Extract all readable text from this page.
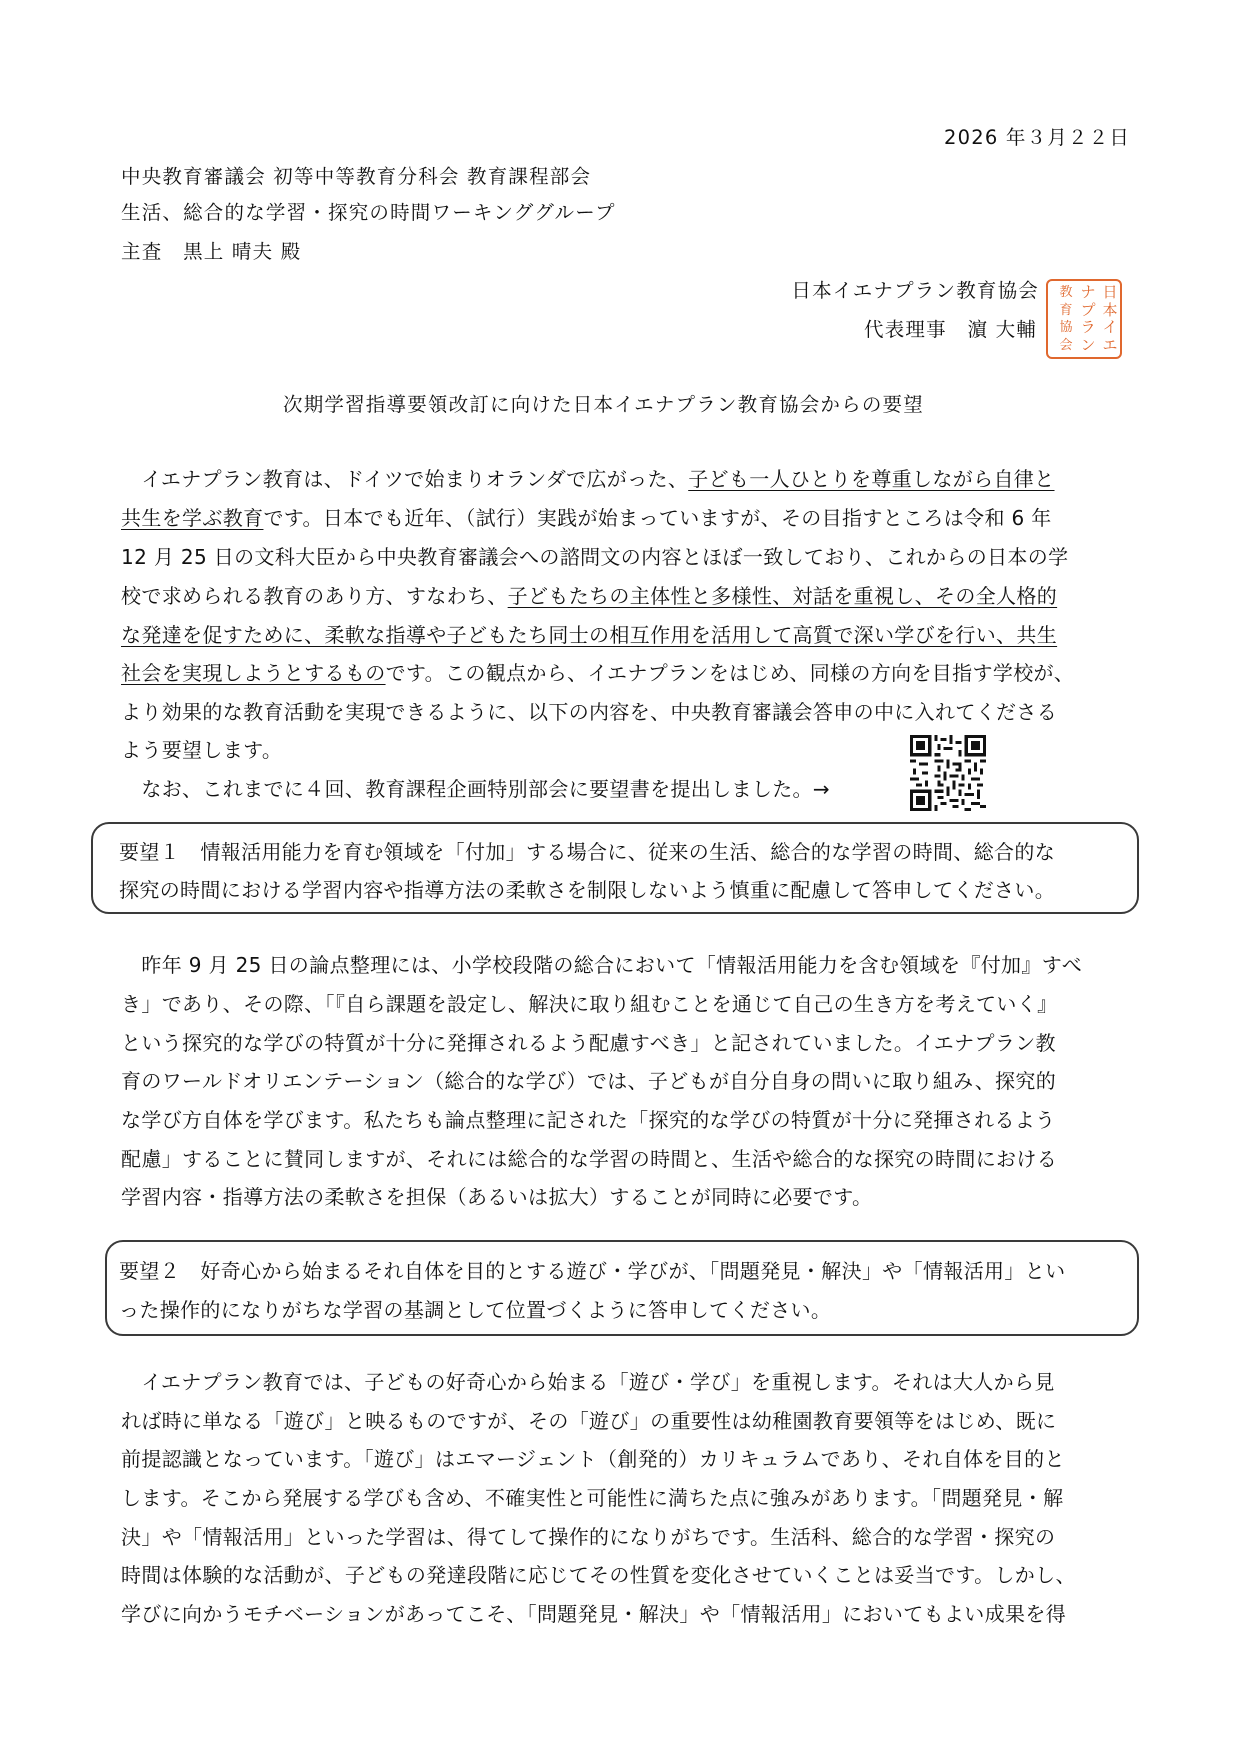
2026 年３月２２日
中央教育審議会 初等中等教育分科会 教育課程部会
生活、総合的な学習・探究の時間ワーキンググループ
主査　黒上 晴夫 殿
日本イエナプラン教育協会
代表理事　濵 大輔
日
本
イ
エ
ナ
プ
ラ
ン
教
育
協
会
次期学習指導要領改訂に向けた日本イエナプラン教育協会からの要望
　イエナプラン教育は、ドイツで始まりオランダで広がった、子ども一人ひとりを尊重しながら自律と
共生を学ぶ教育です。日本でも近年、（試行）実践が始まっていますが、その目指すところは令和 6 年
12 月 25 日の文科大臣から中央教育審議会への諮問文の内容とほぼ一致しており、これからの日本の学
校で求められる教育のあり方、すなわち、子どもたちの主体性と多様性、対話を重視し、その全人格的
な発達を促すために、柔軟な指導や子どもたち同士の相互作用を活用して高質で深い学びを行い、共生
社会を実現しようとするものです。この観点から、イエナプランをはじめ、同様の方向を目指す学校が、
より効果的な教育活動を実現できるように、以下の内容を、中央教育審議会答申の中に入れてくださる
よう要望します。
　なお、これまでに４回、教育課程企画特別部会に要望書を提出しました。→
要望１　情報活用能力を育む領域を「付加」する場合に、従来の生活、総合的な学習の時間、総合的な
探究の時間における学習内容や指導方法の柔軟さを制限しないよう慎重に配慮して答申してください。
　昨年 9 月 25 日の論点整理には、小学校段階の総合において「情報活用能力を含む領域を『付加』すべ
き」であり、その際、「『自ら課題を設定し、解決に取り組むことを通じて自己の生き方を考えていく』
という探究的な学びの特質が十分に発揮されるよう配慮すべき」と記されていました。イエナプラン教
育のワールドオリエンテーション（総合的な学び）では、子どもが自分自身の問いに取り組み、探究的
な学び方自体を学びます。私たちも論点整理に記された「探究的な学びの特質が十分に発揮されるよう
配慮」することに賛同しますが、それには総合的な学習の時間と、生活や総合的な探究の時間における
学習内容・指導方法の柔軟さを担保（あるいは拡大）することが同時に必要です。
要望２　好奇心から始まるそれ自体を目的とする遊び・学びが、「問題発見・解決」や「情報活用」とい
った操作的になりがちな学習の基調として位置づくように答申してください。
　イエナプラン教育では、子どもの好奇心から始まる「遊び・学び」を重視します。それは大人から見
れば時に単なる「遊び」と映るものですが、その「遊び」の重要性は幼稚園教育要領等をはじめ、既に
前提認識となっています。「遊び」はエマージェント（創発的）カリキュラムであり、それ自体を目的と
します。そこから発展する学びも含め、不確実性と可能性に満ちた点に強みがあります。「問題発見・解
決」や「情報活用」といった学習は、得てして操作的になりがちです。生活科、総合的な学習・探究の
時間は体験的な活動が、子どもの発達段階に応じてその性質を変化させていくことは妥当です。しかし、
学びに向かうモチベーションがあってこそ、「問題発見・解決」や「情報活用」においてもよい成果を得
